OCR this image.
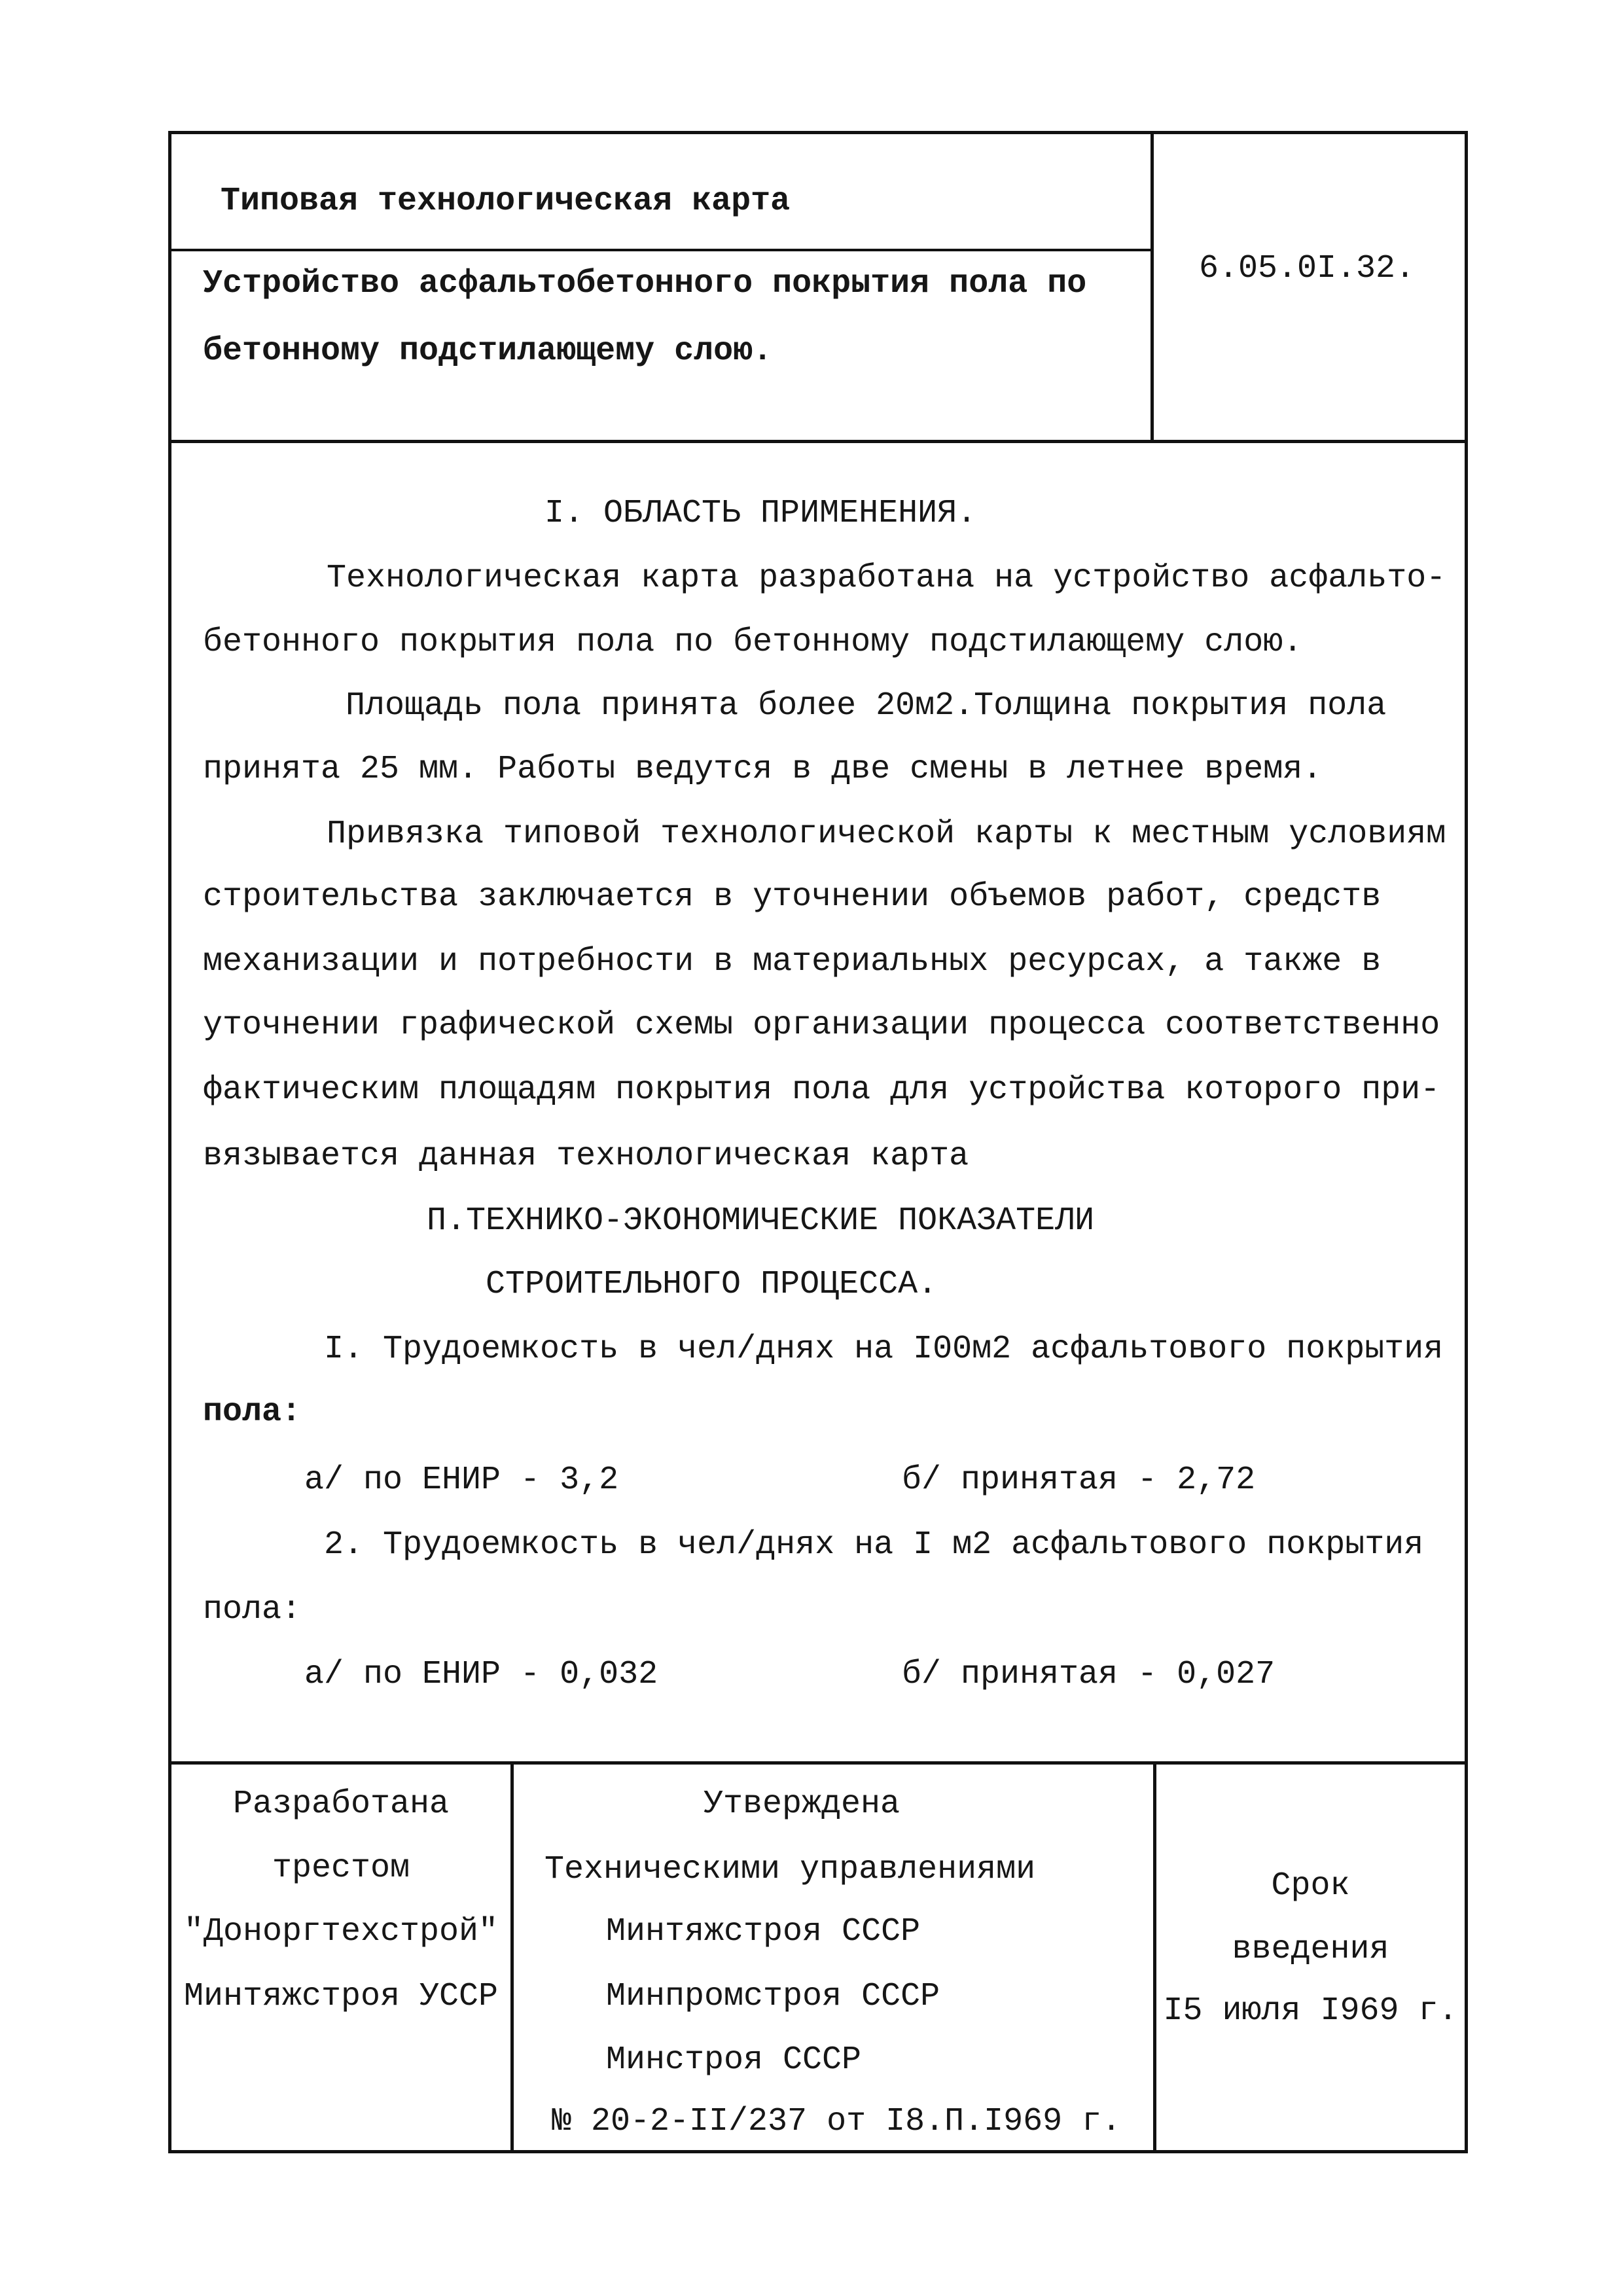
Типовая технологическая карта
Устройство асфальтобетонного покрытия пола по
бетонному подстилающему слою.
6.05.0I.32.
I. ОБЛАСТЬ ПРИМЕНЕНИЯ.
Технологическая карта разработана на устройство асфальто-
бетонного покрытия пола по бетонному подстилающему слою.
Площадь пола принята более 20м2.Толщина покрытия пола
принята 25 мм. Работы ведутся в две смены в летнее время.
Привязка типовой технологической карты к местным условиям
строительства заключается в уточнении объемов работ, средств
механизации и потребности в материальных ресурсах, а также в
уточнении графической схемы организации процесса соответственно
фактическим площадям покрытия пола для устройства которого при-
вязывается данная технологическая карта
П.ТЕХНИКО-ЭКОНОМИЧЕСКИЕ ПОКАЗАТЕЛИ
СТРОИТЕЛЬНОГО ПРОЦЕССА.
I. Трудоемкость в чел/днях на I00м2 асфальтового покрытия
пола:
а/ по ЕНИР - 3,2	б/ принятая - 2,72
2. Трудоемкость в чел/днях на I м2 асфальтового покрытия
пола:
а/ по ЕНИР - 0,032	б/ принятая - 0,027
Разработана
трестом
"Доноргтехстрой"
Минтяжстроя УССР
Утверждена
Техническими управлениями
Минтяжстроя СССР
Минпромстроя СССР
Минстроя СССР
№ 20-2-II/237 от I8.П.I969 г.
Срок
введения
I5 июля I969 г.
